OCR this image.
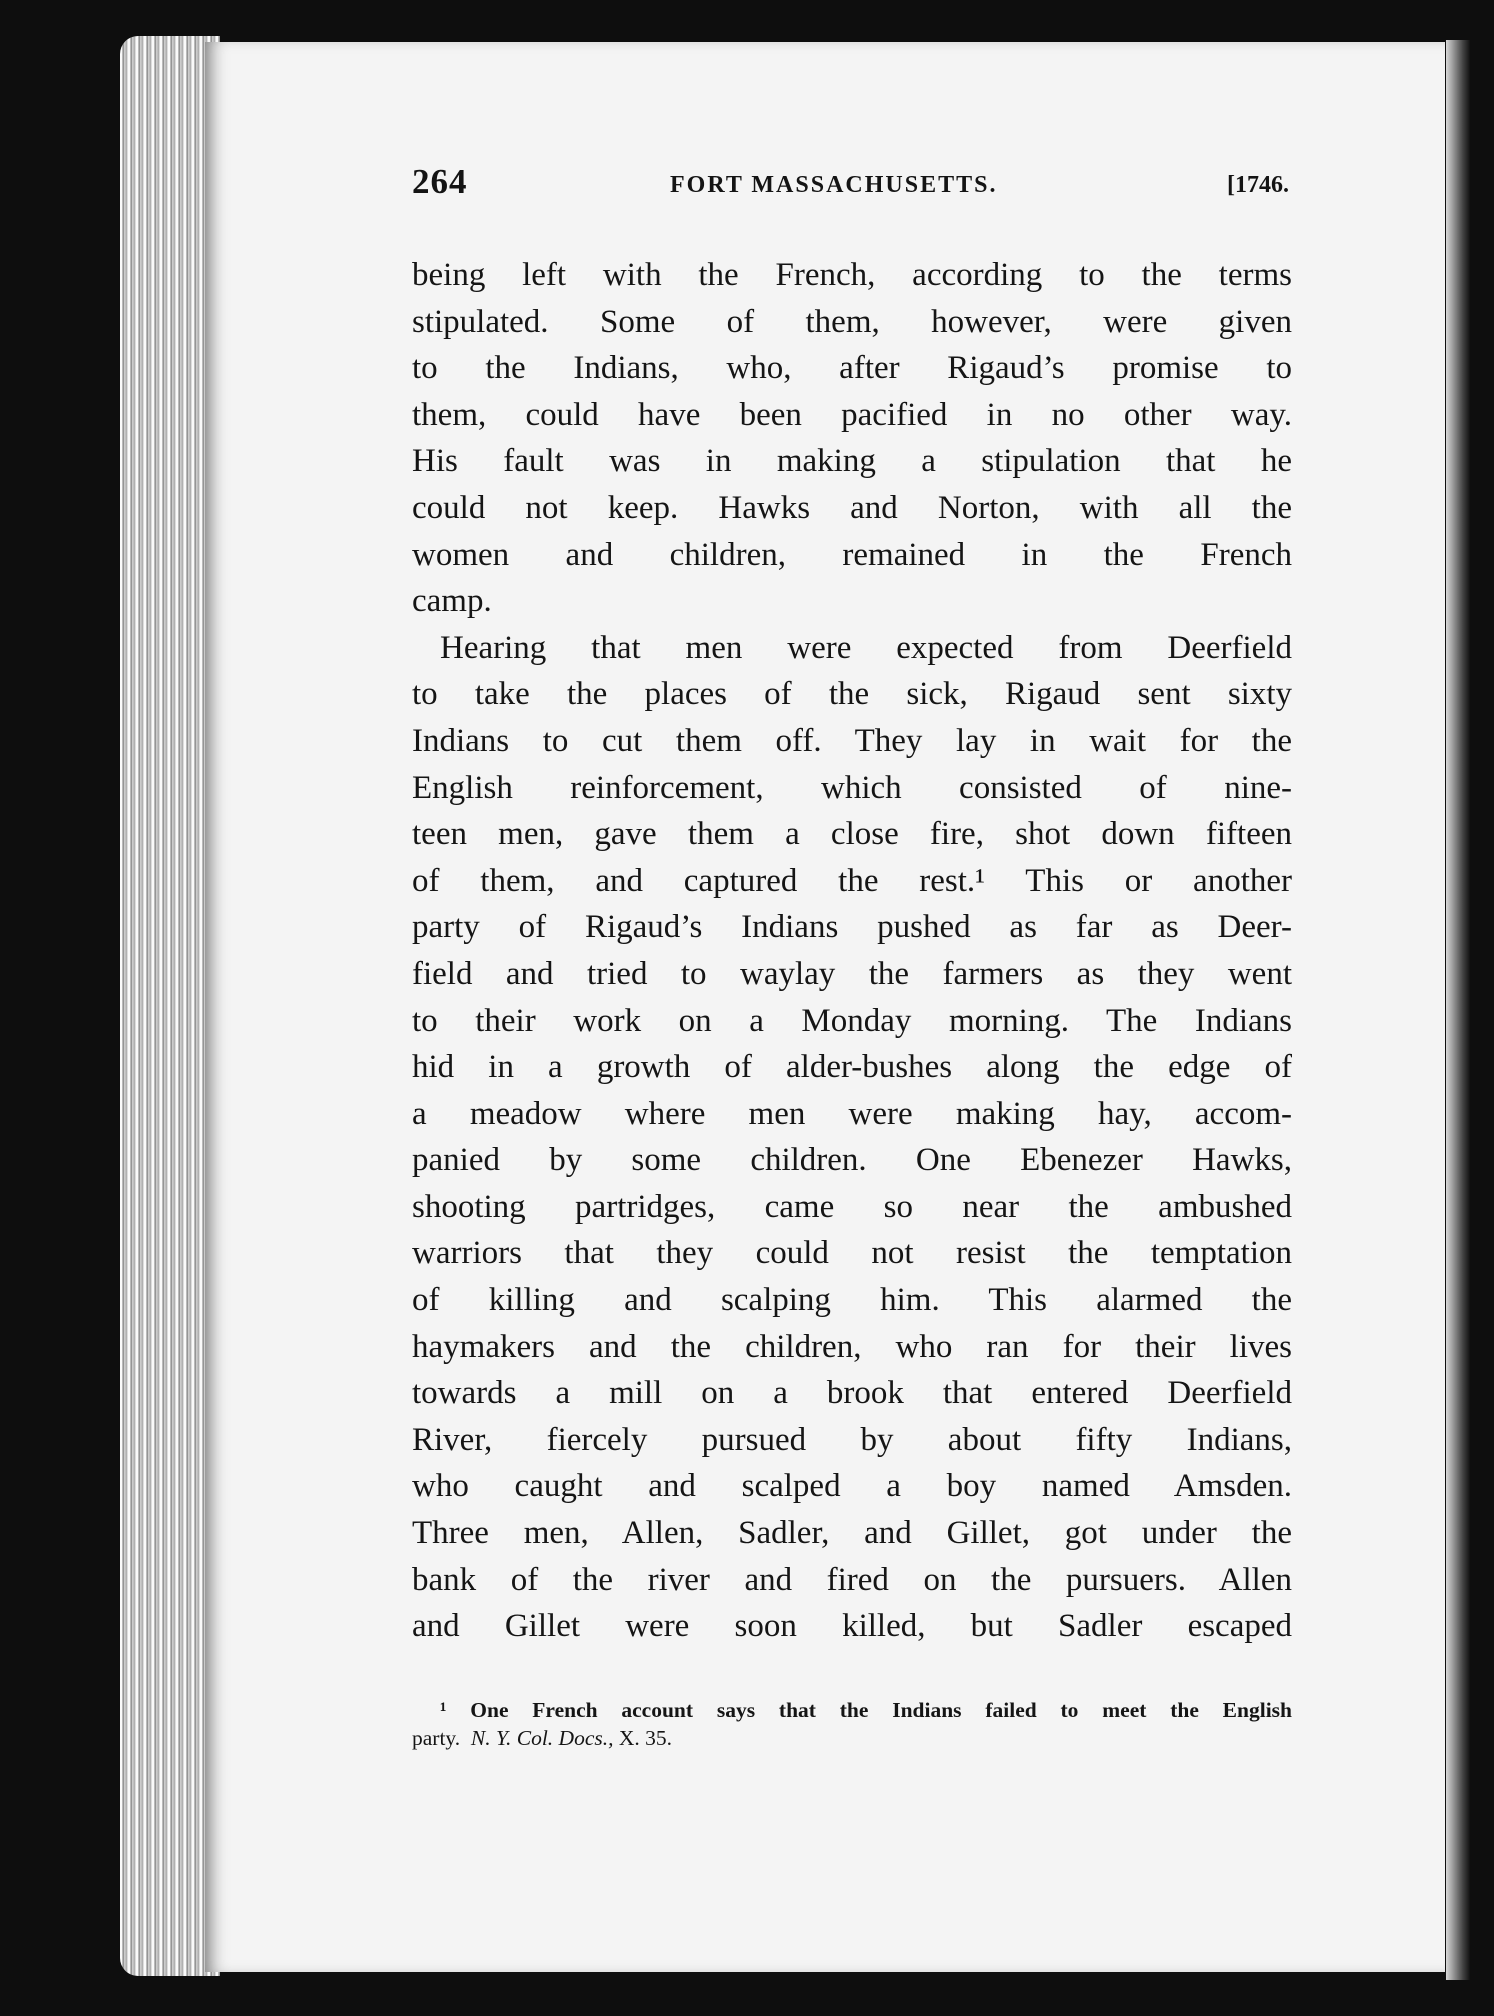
264	FORT MASSACHUSETTS.	[1746.
being left with the French, according to the terms
stipulated. Some of them, however, were given
to the Indians, who, after Rigaud’s promise to
them, could have been pacified in no other way.
His fault was in making a stipulation that he
could not keep. Hawks and Norton, with all the
women and children, remained in the French
camp.
Hearing that men were expected from Deerfield
to take the places of the sick, Rigaud sent sixty
Indians to cut them off. They lay in wait for the
English reinforcement, which consisted of nine-
teen men, gave them a close fire, shot down fifteen
of them, and captured the rest.¹ This or another
party of Rigaud’s Indians pushed as far as Deer-
field and tried to waylay the farmers as they went
to their work on a Monday morning. The Indians
hid in a growth of alder-bushes along the edge of
a meadow where men were making hay, accom-
panied by some children. One Ebenezer Hawks,
shooting partridges, came so near the ambushed
warriors that they could not resist the temptation
of killing and scalping him. This alarmed the
haymakers and the children, who ran for their lives
towards a mill on a brook that entered Deerfield
River, fiercely pursued by about fifty Indians,
who caught and scalped a boy named Amsden.
Three men, Allen, Sadler, and Gillet, got under the
bank of the river and fired on the pursuers. Allen
and Gillet were soon killed, but Sadler escaped
¹ One French account says that the Indians failed to meet the English
party. N. Y. Col. Docs., X. 35.
